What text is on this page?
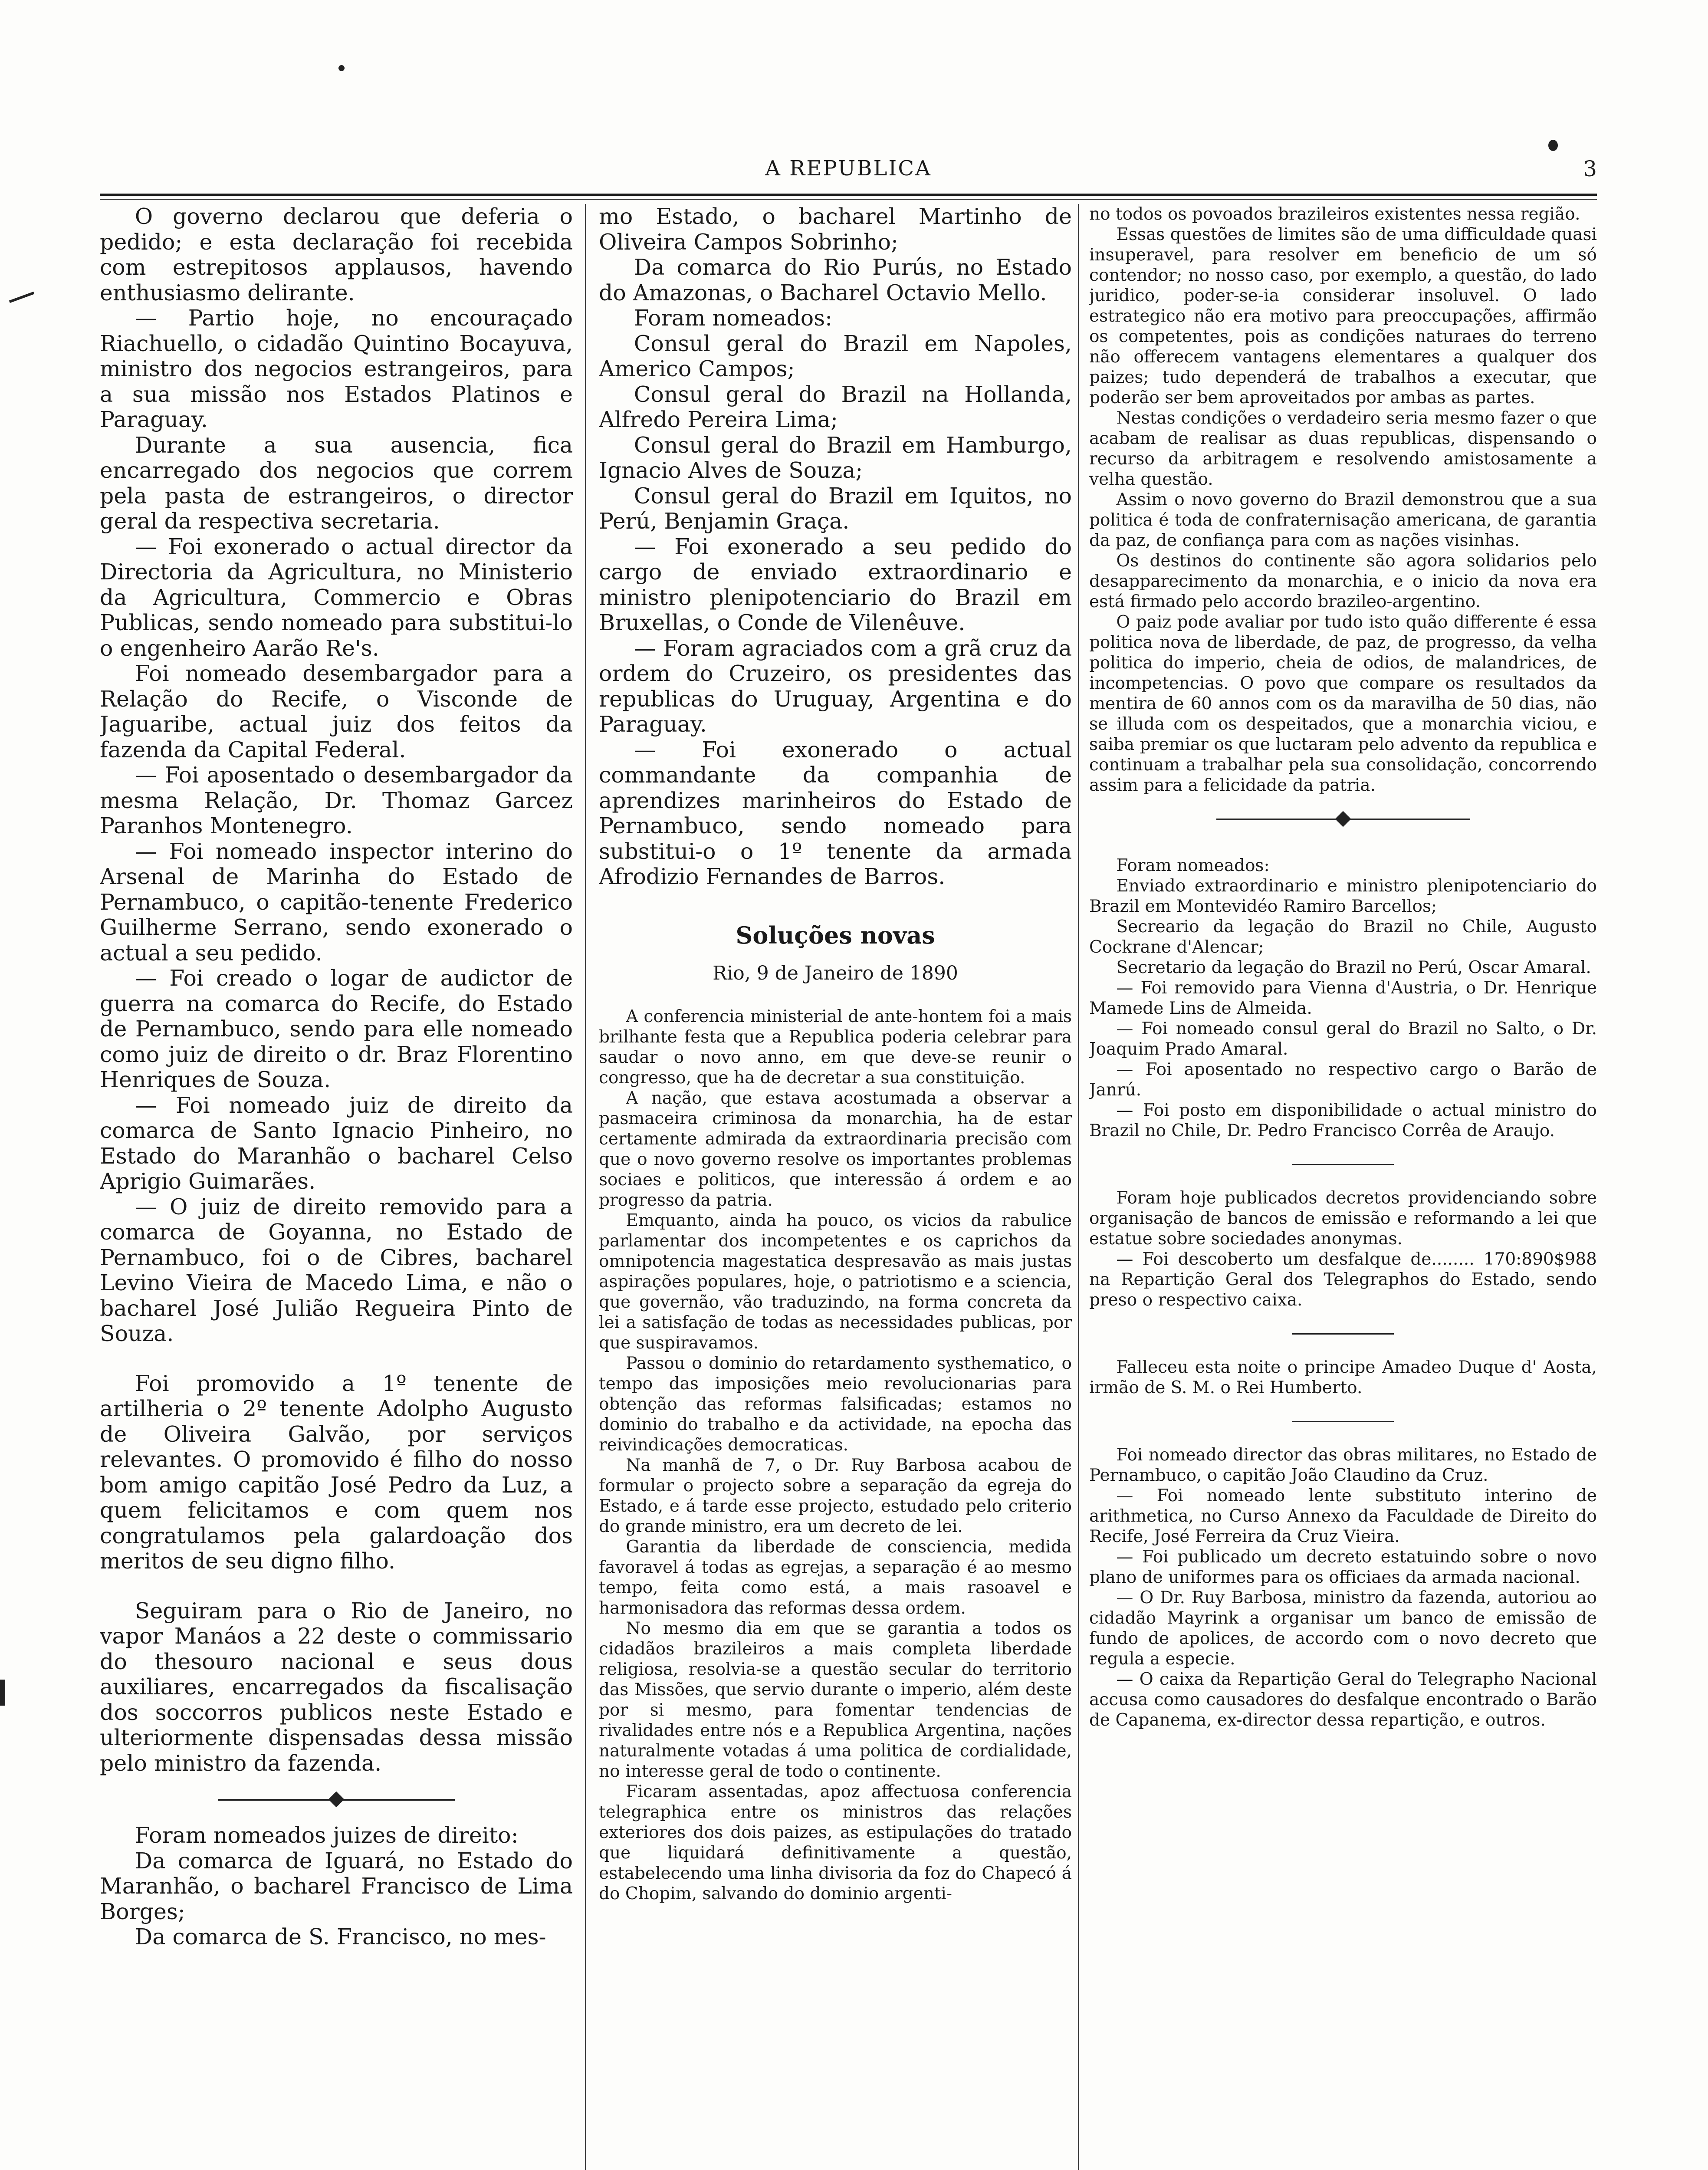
A REPUBLICA	3

O governo declarou que deferia o pedido; e esta declaração foi recebida com estrepitosos applausos, havendo enthusiasmo delirante.

— Partio hoje, no encouraçado Riachuello, o cidadão Quintino Bocayuva, ministro dos negocios estrangeiros, para a sua missão nos Estados Platinos e Paraguay.

Durante a sua ausencia, fica encarregado dos negocios que correm pela pasta de estrangeiros, o director geral da respectiva secretaria.

— Foi exonerado o actual director da Directoria da Agricultura, no Ministerio da Agricultura, Commercio e Obras Publicas, sendo nomeado para substitui-lo o engenheiro Aarão Re's.

Foi nomeado desembargador para a Relação do Recife, o Visconde de Jaguaribe, actual juiz dos feitos da fazenda da Capital Federal.

— Foi aposentado o desembargador da mesma Relação, Dr. Thomaz Garcez Paranhos Montenegro.

— Foi nomeado inspector interino do Arsenal de Marinha do Estado de Pernambuco, o capitão-tenente Frederico Guilherme Serrano, sendo exonerado o actual a seu pedido.

— Foi creado o logar de audictor de guerra na comarca do Recife, do Estado de Pernambuco, sendo para elle nomeado como juiz de direito o dr. Braz Florentino Henriques de Souza.

— Foi nomeado juiz de direito da comarca de Santo Ignacio Pinheiro, no Estado do Maranhão o bacharel Celso Aprigio Guimarães.

— O juiz de direito removido para a comarca de Goyanna, no Estado de Pernambuco, foi o de Cibres, bacharel Levino Vieira de Macedo Lima, e não o bacharel José Julião Regueira Pinto de Souza.

Foi promovido a 1º tenente de artilheria o 2º tenente Adolpho Augusto de Oliveira Galvão, por serviços relevantes. O promovido é filho do nosso bom amigo capitão José Pedro da Luz, a quem felicitamos e com quem nos congratulamos pela galardoação dos meritos de seu digno filho.

Seguiram para o Rio de Janeiro, no vapor Manáos a 22 deste o commissario do thesouro nacional e seus dous auxiliares, encarregados da fiscalisação dos soccorros publicos neste Estado e ulteriormente dispensadas dessa missão pelo ministro da fazenda.

Foram nomeados juizes de direito:

Da comarca de Iguará, no Estado do Maranhão, o bacharel Francisco de Lima Borges;

Da comarca de S. Francisco, no mes-

mo Estado, o bacharel Martinho de Oliveira Campos Sobrinho;

Da comarca do Rio Purús, no Estado do Amazonas, o Bacharel Octavio Mello.

Foram nomeados:

Consul geral do Brazil em Napoles, Americo Campos;

Consul geral do Brazil na Hollanda, Alfredo Pereira Lima;

Consul geral do Brazil em Hamburgo, Ignacio Alves de Souza;

Consul geral do Brazil em Iquitos, no Perú, Benjamin Graça.

— Foi exonerado a seu pedido do cargo de enviado extraordinario e ministro plenipotenciario do Brazil em Bruxellas, o Conde de Vilenêuve.

— Foram agraciados com a grã cruz da ordem do Cruzeiro, os presidentes das republicas do Uruguay, Argentina e do Paraguay.

— Foi exonerado o actual commandante da companhia de aprendizes marinheiros do Estado de Pernambuco, sendo nomeado para substitui-o o 1º tenente da armada Afrodizio Fernandes de Barros.

Soluções novas
Rio, 9 de Janeiro de 1890

A conferencia ministerial de ante-hontem foi a mais brilhante festa que a Republica poderia celebrar para saudar o novo anno, em que deve-se reunir o congresso, que ha de decretar a sua constituição.

A nação, que estava acostumada a observar a pasmaceira criminosa da monarchia, ha de estar certamente admirada da extraordinaria precisão com que o novo governo resolve os importantes problemas sociaes e politicos, que interessão á ordem e ao progresso da patria.

Emquanto, ainda ha pouco, os vicios da rabulice parlamentar dos incompetentes e os caprichos da omnipotencia magestatica despresavão as mais justas aspirações populares, hoje, o patriotismo e a sciencia, que governão, vão traduzindo, na forma concreta da lei a satisfação de todas as necessidades publicas, por que suspiravamos.

Passou o dominio do retardamento systhematico, o tempo das imposições meio revolucionarias para obtenção das reformas falsificadas; estamos no dominio do trabalho e da actividade, na epocha das reivindicações democraticas.

Na manhã de 7, o Dr. Ruy Barbosa acabou de formular o projecto sobre a separação da egreja do Estado, e á tarde esse projecto, estudado pelo criterio do grande ministro, era um decreto de lei.

Garantia da liberdade de consciencia, medida favoravel á todas as egrejas, a separação é ao mesmo tempo, feita como está, a mais rasoavel e harmonisadora das reformas dessa ordem.

No mesmo dia em que se garantia a todos os cidadãos brazileiros a mais completa liberdade religiosa, resolvia-se a questão secular do territorio das Missões, que servio durante o imperio, além deste por si mesmo, para fomentar tendencias de rivalidades entre nós e a Republica Argentina, nações naturalmente votadas á uma politica de cordialidade, no interesse geral de todo o continente.

Ficaram assentadas, apoz affectuosa conferencia telegraphica entre os ministros das relações exteriores dos dois paizes, as estipulações do tratado que liquidará definitivamente a questão, estabelecendo uma linha divisoria da foz do Chapecó á do Chopim, salvando do dominio argenti-

no todos os povoados brazileiros existentes nessa região.

Essas questões de limites são de uma difficuldade quasi insuperavel, para resolver em beneficio de um só contendor; no nosso caso, por exemplo, a questão, do lado juridico, poder-se-ia considerar insoluvel. O lado estrategico não era motivo para preoccupações, affirmão os competentes, pois as condições naturaes do terreno não offerecem vantagens elementares a qualquer dos paizes; tudo dependerá de trabalhos a executar, que poderão ser bem aproveitados por ambas as partes.

Nestas condições o verdadeiro seria mesmo fazer o que acabam de realisar as duas republicas, dispensando o recurso da arbitragem e resolvendo amistosamente a velha questão.

Assim o novo governo do Brazil demonstrou que a sua politica é toda de confraternisação americana, de garantia da paz, de confiança para com as nações visinhas.

Os destinos do continente são agora solidarios pelo desapparecimento da monarchia, e o inicio da nova era está firmado pelo accordo brazileo-argentino.

O paiz pode avaliar por tudo isto quão differente é essa politica nova de liberdade, de paz, de progresso, da velha politica do imperio, cheia de odios, de malandrices, de incompetencias. O povo que compare os resultados da mentira de 60 annos com os da maravilha de 50 dias, não se illuda com os despeitados, que a monarchia viciou, e saiba premiar os que luctaram pelo advento da republica e continuam a trabalhar pela sua consolidação, concorrendo assim para a felicidade da patria.

Foram nomeados:

Enviado extraordinario e ministro plenipotenciario do Brazil em Montevidéo Ramiro Barcellos;

Secreario da legação do Brazil no Chile, Augusto Cockrane d'Alencar;

Secretario da legação do Brazil no Perú, Oscar Amaral.

— Foi removido para Vienna d'Austria, o Dr. Henrique Mamede Lins de Almeida.

— Foi nomeado consul geral do Brazil no Salto, o Dr. Joaquim Prado Amaral.

— Foi aposentado no respectivo cargo o Barão de Janrú.

— Foi posto em disponibilidade o actual ministro do Brazil no Chile, Dr. Pedro Francisco Corrêa de Araujo.

Foram hoje publicados decretos providenciando sobre organisação de bancos de emissão e reformando a lei que estatue sobre sociedades anonymas.

— Foi descoberto um desfalque de........ 170:890$988 na Repartição Geral dos Telegraphos do Estado, sendo preso o respectivo caixa.

Falleceu esta noite o principe Amadeo Duque d' Aosta, irmão de S. M. o Rei Humberto.

Foi nomeado director das obras militares, no Estado de Pernambuco, o capitão João Claudino da Cruz.

— Foi nomeado lente substituto interino de arithmetica, no Curso Annexo da Faculdade de Direito do Recife, José Ferreira da Cruz Vieira.

— Foi publicado um decreto estatuindo sobre o novo plano de uniformes para os officiaes da armada nacional.

— O Dr. Ruy Barbosa, ministro da fazenda, autoriou ao cidadão Mayrink a organisar um banco de emissão de fundo de apolices, de accordo com o novo decreto que regula a especie.

— O caixa da Repartição Geral do Telegrapho Nacional accusa como causadores do desfalque encontrado o Barão de Capanema, ex-director dessa repartição, e outros.
